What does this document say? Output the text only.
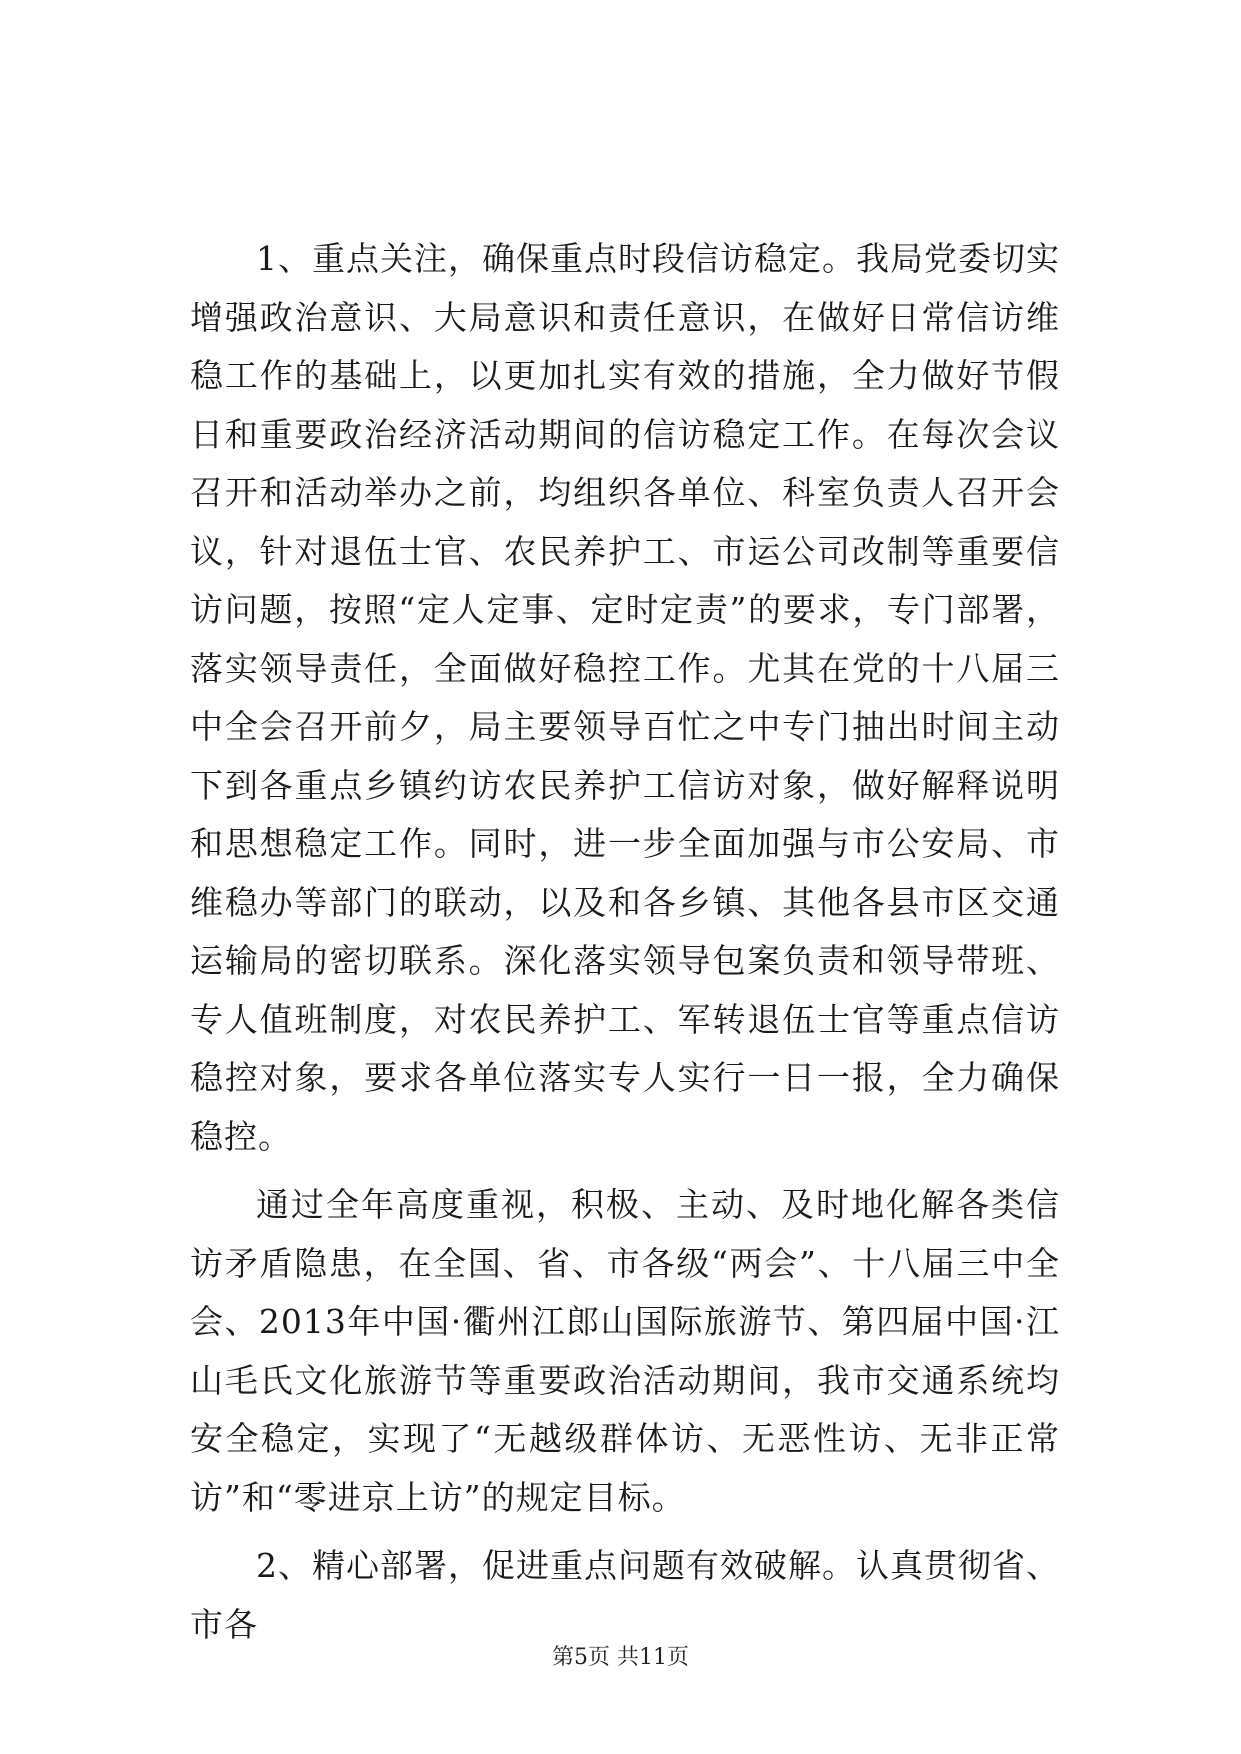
1、重点关注，确保重点时段信访稳定。我局党委切实增强政治意识、大局意识和责任意识，在做好日常信访维稳工作的基础上，以更加扎实有效的措施，全力做好节假日和重要政治经济活动期间的信访稳定工作。在每次会议召开和活动举办之前，均组织各单位、科室负责人召开会议，针对退伍士官、农民养护工、市运公司改制等重要信访问题，按照“定人定事、定时定责”的要求，专门部署，落实领导责任，全面做好稳控工作。尤其在党的十八届三中全会召开前夕，局主要领导百忙之中专门抽出时间主动下到各重点乡镇约访农民养护工信访对象，做好解释说明和思想稳定工作。同时，进一步全面加强与市公安局、市维稳办等部门的联动，以及和各乡镇、其他各县市区交通运输局的密切联系。深化落实领导包案负责和领导带班、专人值班制度，对农民养护工、军转退伍士官等重点信访稳控对象，要求各单位落实专人实行一日一报，全力确保稳控。

通过全年高度重视，积极、主动、及时地化解各类信访矛盾隐患，在全国、省、市各级“两会”、十八届三中全会、2013年中国·衢州江郎山国际旅游节、第四届中国·江山毛氏文化旅游节等重要政治活动期间，我市交通系统均安全稳定，实现了“无越级群体访、无恶性访、无非正常访”和“零进京上访”的规定目标。

2、精心部署，促进重点问题有效破解。认真贯彻省、市各

第5页 共11页
